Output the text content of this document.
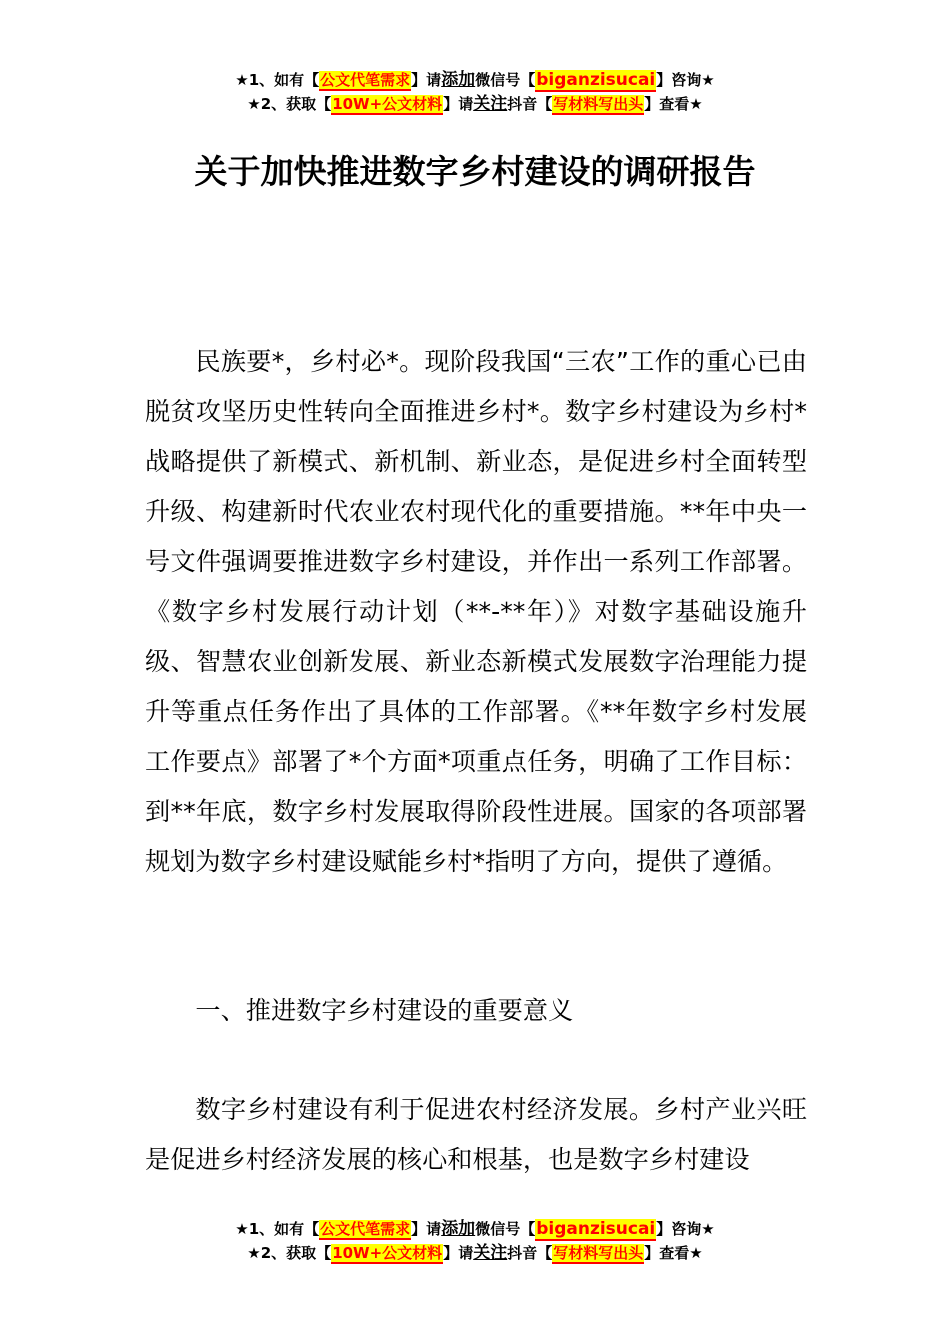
★1、如有【公文代笔需求】请添加微信号【biganzisucai】咨询★
★2、获取【10W+公文材料】请关注抖音【写材料写出头】查看★
关于加快推进数字乡村建设的调研报告
民族要*，乡村必*。现阶段我国“三农”工作的重心已由脱贫攻坚历史性转向全面推进乡村*。数字乡村建设为乡村*战略提供了新模式、新机制、新业态，是促进乡村全面转型升级、构建新时代农业农村现代化的重要措施。**年中央一号文件强调要推进数字乡村建设，并作出一系列工作部署。《数字乡村发展行动计划（**-**年）》对数字基础设施升级、智慧农业创新发展、新业态新模式发展数字治理能力提升等重点任务作出了具体的工作部署。《**年数字乡村发展工作要点》部署了*个方面*项重点任务，明确了工作目标：到**年底，数字乡村发展取得阶段性进展。国家的各项部署规划为数字乡村建设赋能乡村*指明了方向，提供了遵循。
一、推进数字乡村建设的重要意义
数字乡村建设有利于促进农村经济发展。乡村产业兴旺是促进乡村经济发展的核心和根基，也是数字乡村建设
★1、如有【公文代笔需求】请添加微信号【biganzisucai】咨询★
★2、获取【10W+公文材料】请关注抖音【写材料写出头】查看★
